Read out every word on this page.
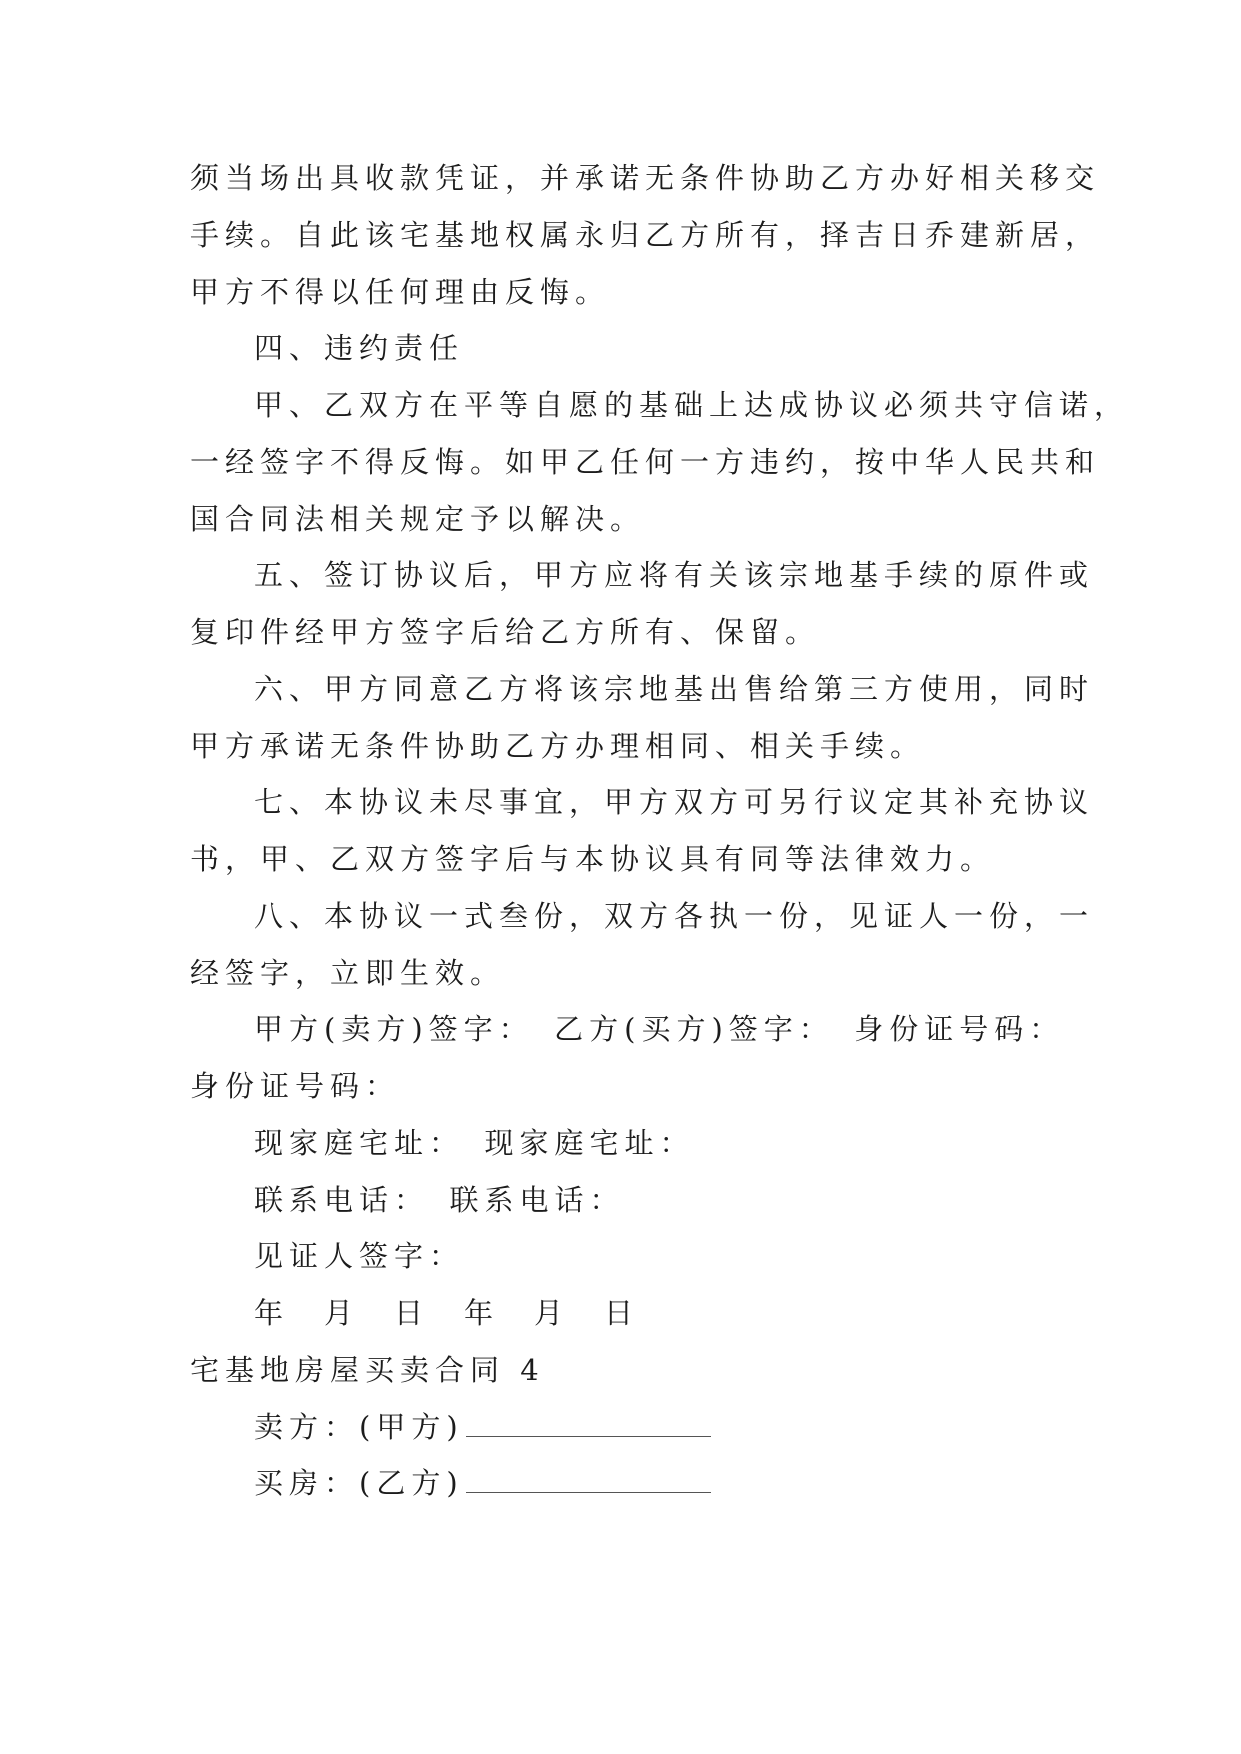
须当场出具收款凭证，并承诺无条件协助乙方办好相关移交
手续。自此该宅基地权属永归乙方所有，择吉日乔建新居，
甲方不得以任何理由反悔。
四、违约责任
甲、乙双方在平等自愿的基础上达成协议必须共守信诺，
一经签字不得反悔。如甲乙任何一方违约，按中华人民共和
国合同法相关规定予以解决。
五、签订协议后，甲方应将有关该宗地基手续的原件或
复印件经甲方签字后给乙方所有、保留。
六、甲方同意乙方将该宗地基出售给第三方使用，同时
甲方承诺无条件协助乙方办理相同、相关手续。
七、本协议未尽事宜，甲方双方可另行议定其补充协议
书，甲、乙双方签字后与本协议具有同等法律效力。
八、本协议一式叁份，双方各执一份，见证人一份，一
经签字，立即生效。
甲方(卖方)签字：　乙方(买方)签字：　身份证号码：
身份证号码：
现家庭宅址：　现家庭宅址：
联系电话：　联系电话：
见证人签字：
年　月　日　年　月　日
宅基地房屋买卖合同 4
卖方：(甲方)
买房：(乙方)
